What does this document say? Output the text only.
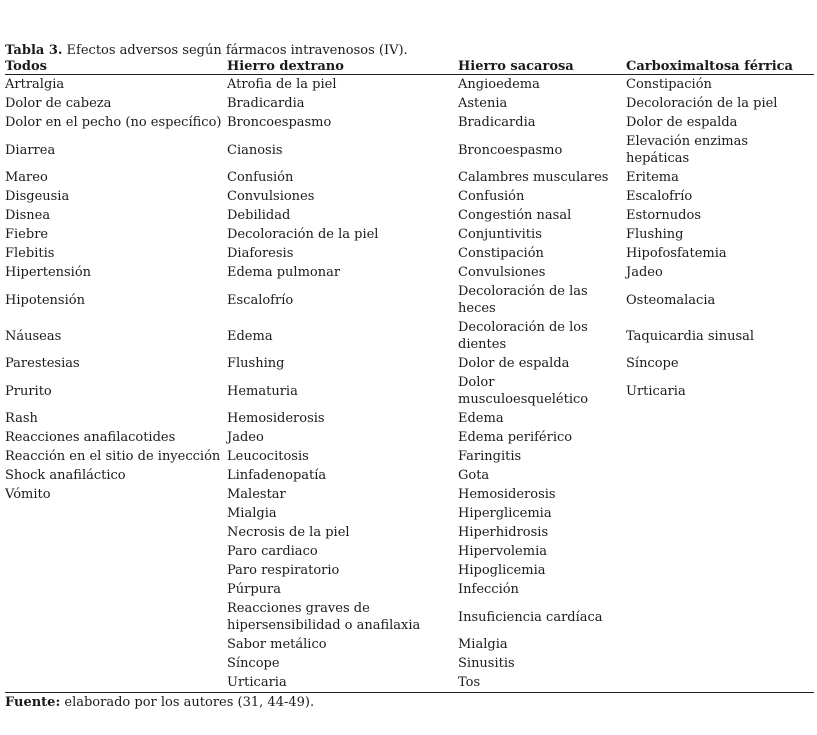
Tabla 3. Efectos adversos según fármacos intravenosos (IV).
Todos	Hierro dextrano	Hierro sacarosa	Carboximaltosa férrica
Artralgia	Atrofia de la piel	Angioedema	Constipación
Dolor de cabeza	Bradicardia	Astenia	Decoloración de la piel
Dolor en el pecho (no específico)	Broncoespasmo	Bradicardia	Dolor de espalda
Diarrea	Cianosis	Broncoespasmo	Elevación enzimas hepáticas
Mareo	Confusión	Calambres musculares	Eritema
Disgeusia	Convulsiones	Confusión	Escalofrío
Disnea	Debilidad	Congestión nasal	Estornudos
Fiebre	Decoloración de la piel	Conjuntivitis	Flushing
Flebitis	Diaforesis	Constipación	Hipofosfatemia
Hipertensión	Edema pulmonar	Convulsiones	Jadeo
Hipotensión	Escalofrío	Decoloración de las heces	Osteomalacia
Náuseas	Edema	Decoloración de los dientes	Taquicardia sinusal
Parestesias	Flushing	Dolor de espalda	Síncope
Prurito	Hematuria	Dolor musculoesquelético	Urticaria
Rash	Hemosiderosis	Edema	
Reacciones anafilacotides	Jadeo	Edema periférico	
Reacción en el sitio de inyección	Leucocitosis	Faringitis	
Shock anafiláctico	Linfadenopatía	Gota	
Vómito	Malestar	Hemosiderosis	
	Mialgia	Hiperglicemia	
	Necrosis de la piel	Hiperhidrosis	
	Paro cardiaco	Hipervolemia	
	Paro respiratorio	Hipoglicemia	
	Púrpura	Infección	
	Reacciones graves de hipersensibilidad o anafilaxia	Insuficiencia cardíaca	
	Sabor metálico	Mialgia	
	Síncope	Sinusitis	
	Urticaria	Tos	
Fuente: elaborado por los autores (31, 44-49).
